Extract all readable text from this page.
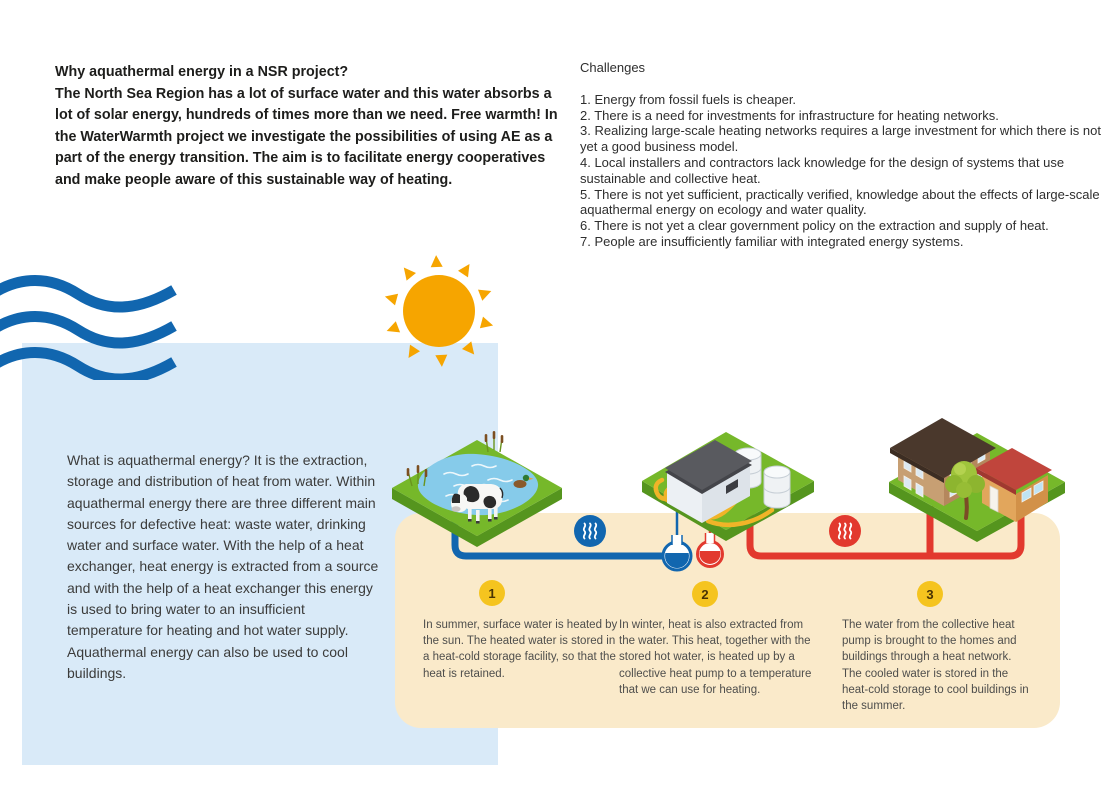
Why aquathermal energy in a NSR project?
The North Sea Region has a lot of surface water and this water absorbs a lot of solar energy, hundreds of times more than we need. Free warmth! In the WaterWarmth project we investigate the possibilities of using AE as a part of the energy transition. The aim is to facilitate energy cooperatives and make people aware of this sustainable way of heating.
Challenges

1. Energy from fossil fuels is cheaper.

2. There is a need for investments for infrastructure for heating networks.

3. Realizing large-scale heating networks requires a large investment for which there is not yet a good business model.

4. Local installers and contractors lack knowledge for the design of systems that use sustainable and collective heat.

5. There is not yet sufficient, practically verified, knowledge about the effects of large-scale aquathermal energy on ecology and water quality.

6. There is not yet a clear government policy on the extraction and supply of heat.

7. People are insufficiently familiar with integrated energy systems.

What is aquathermal energy? It is the extraction, storage and distribution of heat from water. Within aquathermal energy there are three different main sources for defective heat: waste water, drinking water and surface water. With the help of a heat exchanger, heat energy is extracted from a source and with the help of a heat exchanger this energy is used to bring water to an insufficient temperature for heating and hot water supply. Aquathermal energy can also be used to cool buildings.
1	2	3
In summer, surface water is heated by the sun. The heated water is stored in a heat-cold storage facility, so that the heat is retained.
In winter, heat is also extracted from the water. This heat, together with the stored hot water, is heated up by a collective heat pump to a temperature that we can use for heating.
The water from the collective heat pump is brought to the homes and buildings through a heat network. The cooled water is stored in the heat-cold storage to cool buildings in the summer.
